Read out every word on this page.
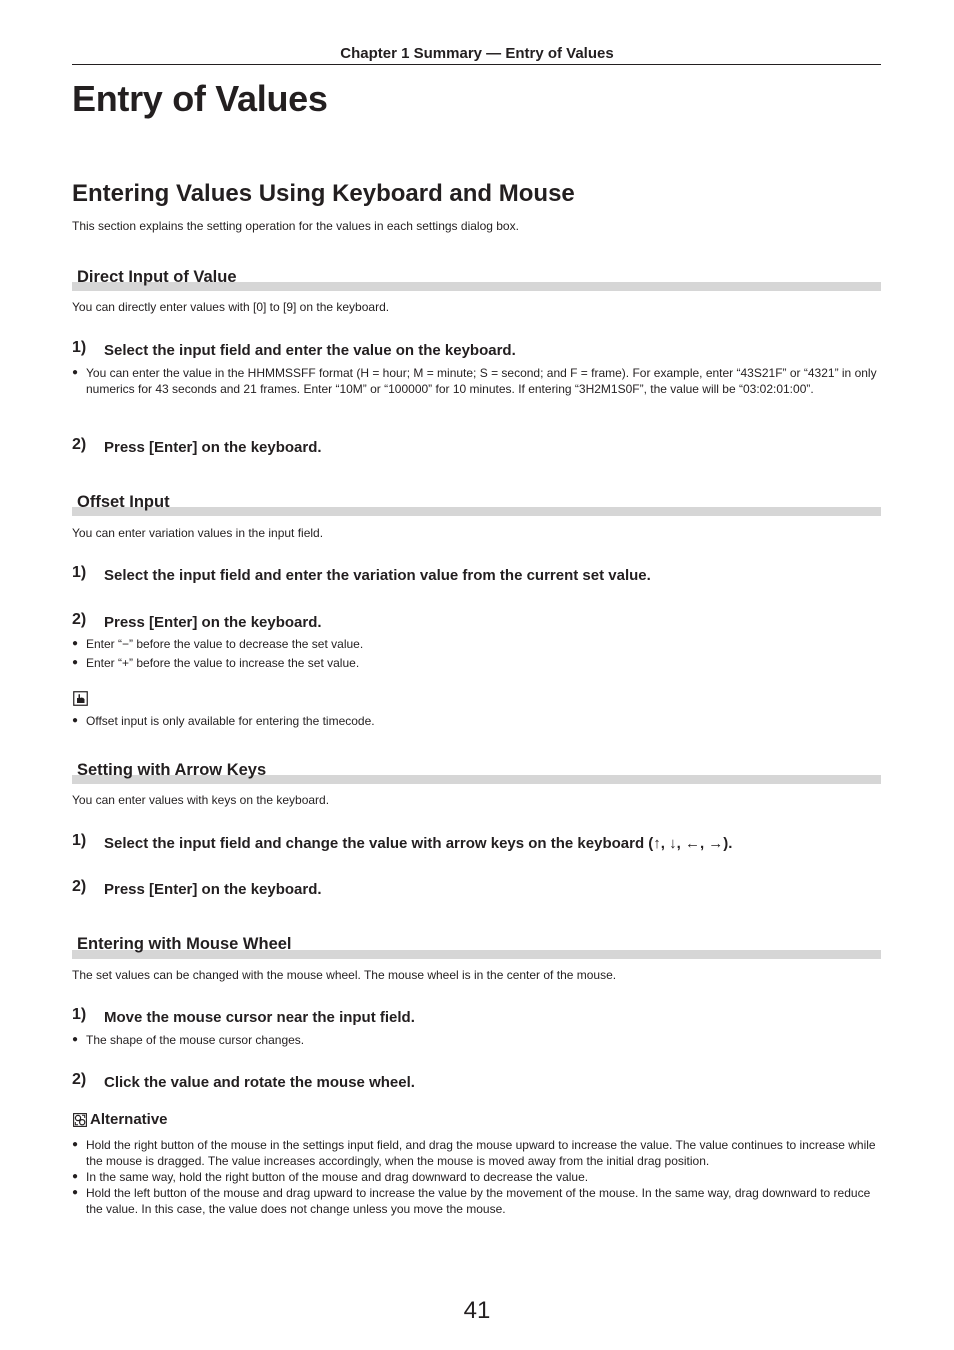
Chapter 1 Summary — Entry of Values
Entry of Values
Entering Values Using Keyboard and Mouse
This section explains the setting operation for the values in each settings dialog box.
Direct Input of Value
You can directly enter values with [0] to [9] on the keyboard.
1) Select the input field and enter the value on the keyboard.
● You can enter the value in the HHMMSSFF format (H = hour; M = minute; S = second; and F = frame). For example, enter “43S21F” or “4321” in only numerics for 43 seconds and 21 frames. Enter “10M” or “100000” for 10 minutes. If entering “3H2M1S0F”, the value will be “03:02:01:00”.
2) Press [Enter] on the keyboard.
Offset Input
You can enter variation values in the input field.
1) Select the input field and enter the variation value from the current set value.
2) Press [Enter] on the keyboard.
● Enter “−” before the value to decrease the set value.
● Enter “+” before the value to increase the set value.
● Offset input is only available for entering the timecode.
Setting with Arrow Keys
You can enter values with keys on the keyboard.
1) Select the input field and change the value with arrow keys on the keyboard (↑, ↓, ←, →).
2) Press [Enter] on the keyboard.
Entering with Mouse Wheel
The set values can be changed with the mouse wheel. The mouse wheel is in the center of the mouse.
1) Move the mouse cursor near the input field.
● The shape of the mouse cursor changes.
2) Click the value and rotate the mouse wheel.
Alternative
● Hold the right button of the mouse in the settings input field, and drag the mouse upward to increase the value. The value continues to increase while the mouse is dragged. The value increases accordingly, when the mouse is moved away from the initial drag position.
● In the same way, hold the right button of the mouse and drag downward to decrease the value.
● Hold the left button of the mouse and drag upward to increase the value by the movement of the mouse. In the same way, drag downward to reduce the value. In this case, the value does not change unless you move the mouse.
41
